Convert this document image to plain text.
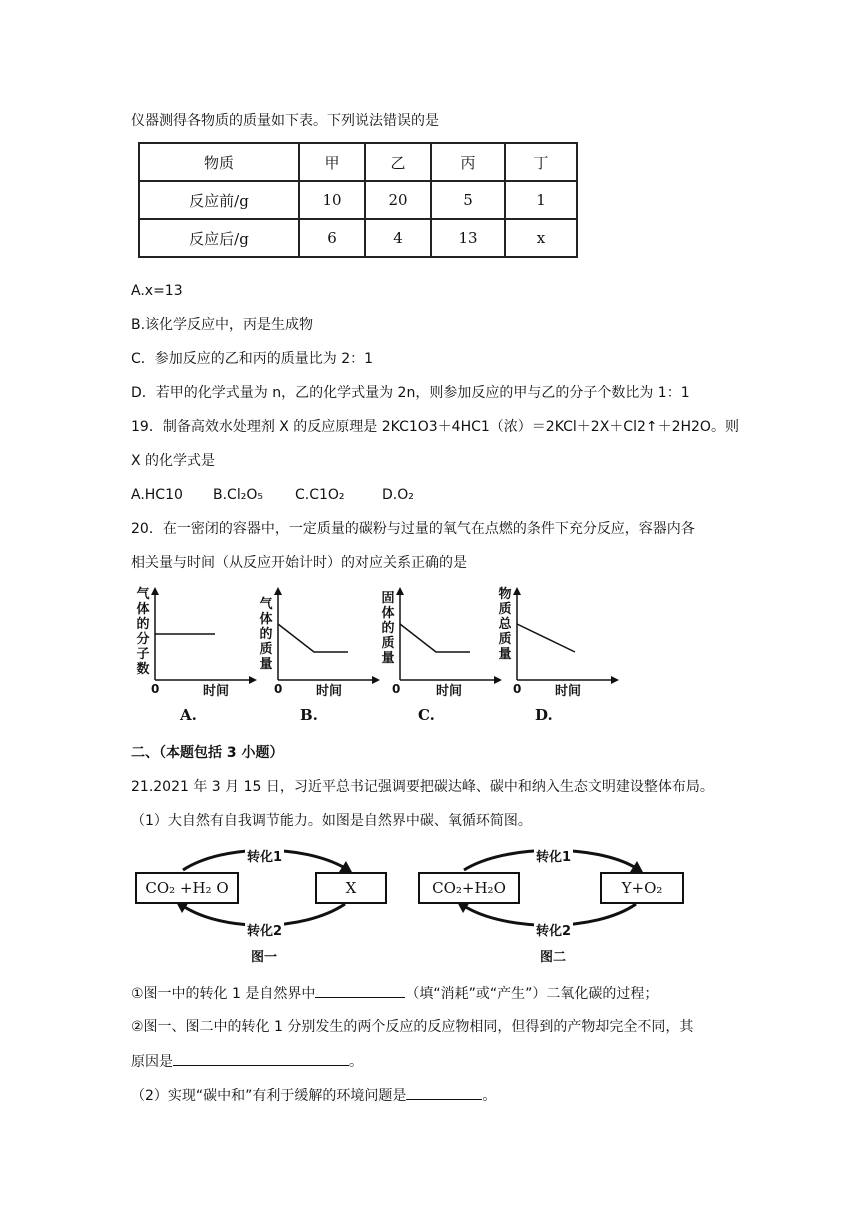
仪器测得各物质的质量如下表。下列说法错误的是
物质	甲	乙	丙	丁
反应前/g	10	20	5	1
反应后/g	6	4	13	x
A.x=13
B.该化学反应中，丙是生成物
C．参加反应的乙和丙的质量比为 2：1
D．若甲的化学式量为 n，乙的化学式量为 2n，则参加反应的甲与乙的分子个数比为 1：1
19．制备高效水处理剂 X 的反应原理是 2KC1O3＋4HC1（浓）＝2KCl＋2X＋Cl2↑＋2H2O。则
X 的化学式是
A.HC10 B.Cl₂O₅ C.C1O₂	D.O₂
20．在一密闭的容器中，一定质量的碳粉与过量的氧气在点燃的条件下充分反应，容器内各
相关量与时间（从反应开始计时）的对应关系正确的是
气体的分子数
0	时间
A.
气体的质量
0	时间
B.
固体的质量
0	时间
C.
物质总质量
0	时间
D.
二、（本题包括 3 小题）
21.2021 年 3 月 15 日，习近平总书记强调要把碳达峰、碳中和纳入生态文明建设整体布局。
（1）大自然有自我调节能力。如图是自然界中碳、氧循环简图。
转化1
转化2
CO₂ +H₂ O	X
图一
转化1
转化2
CO₂+H₂O	Y+O₂
图二
①图一中的转化 1 是自然界中	（填“消耗”或“产生”）二氧化碳的过程；
②图一、图二中的转化 1 分别发生的两个反应的反应物相同，但得到的产物却完全不同，其
原因是	。
（2）实现“碳中和”有利于缓解的环境问题是	。
